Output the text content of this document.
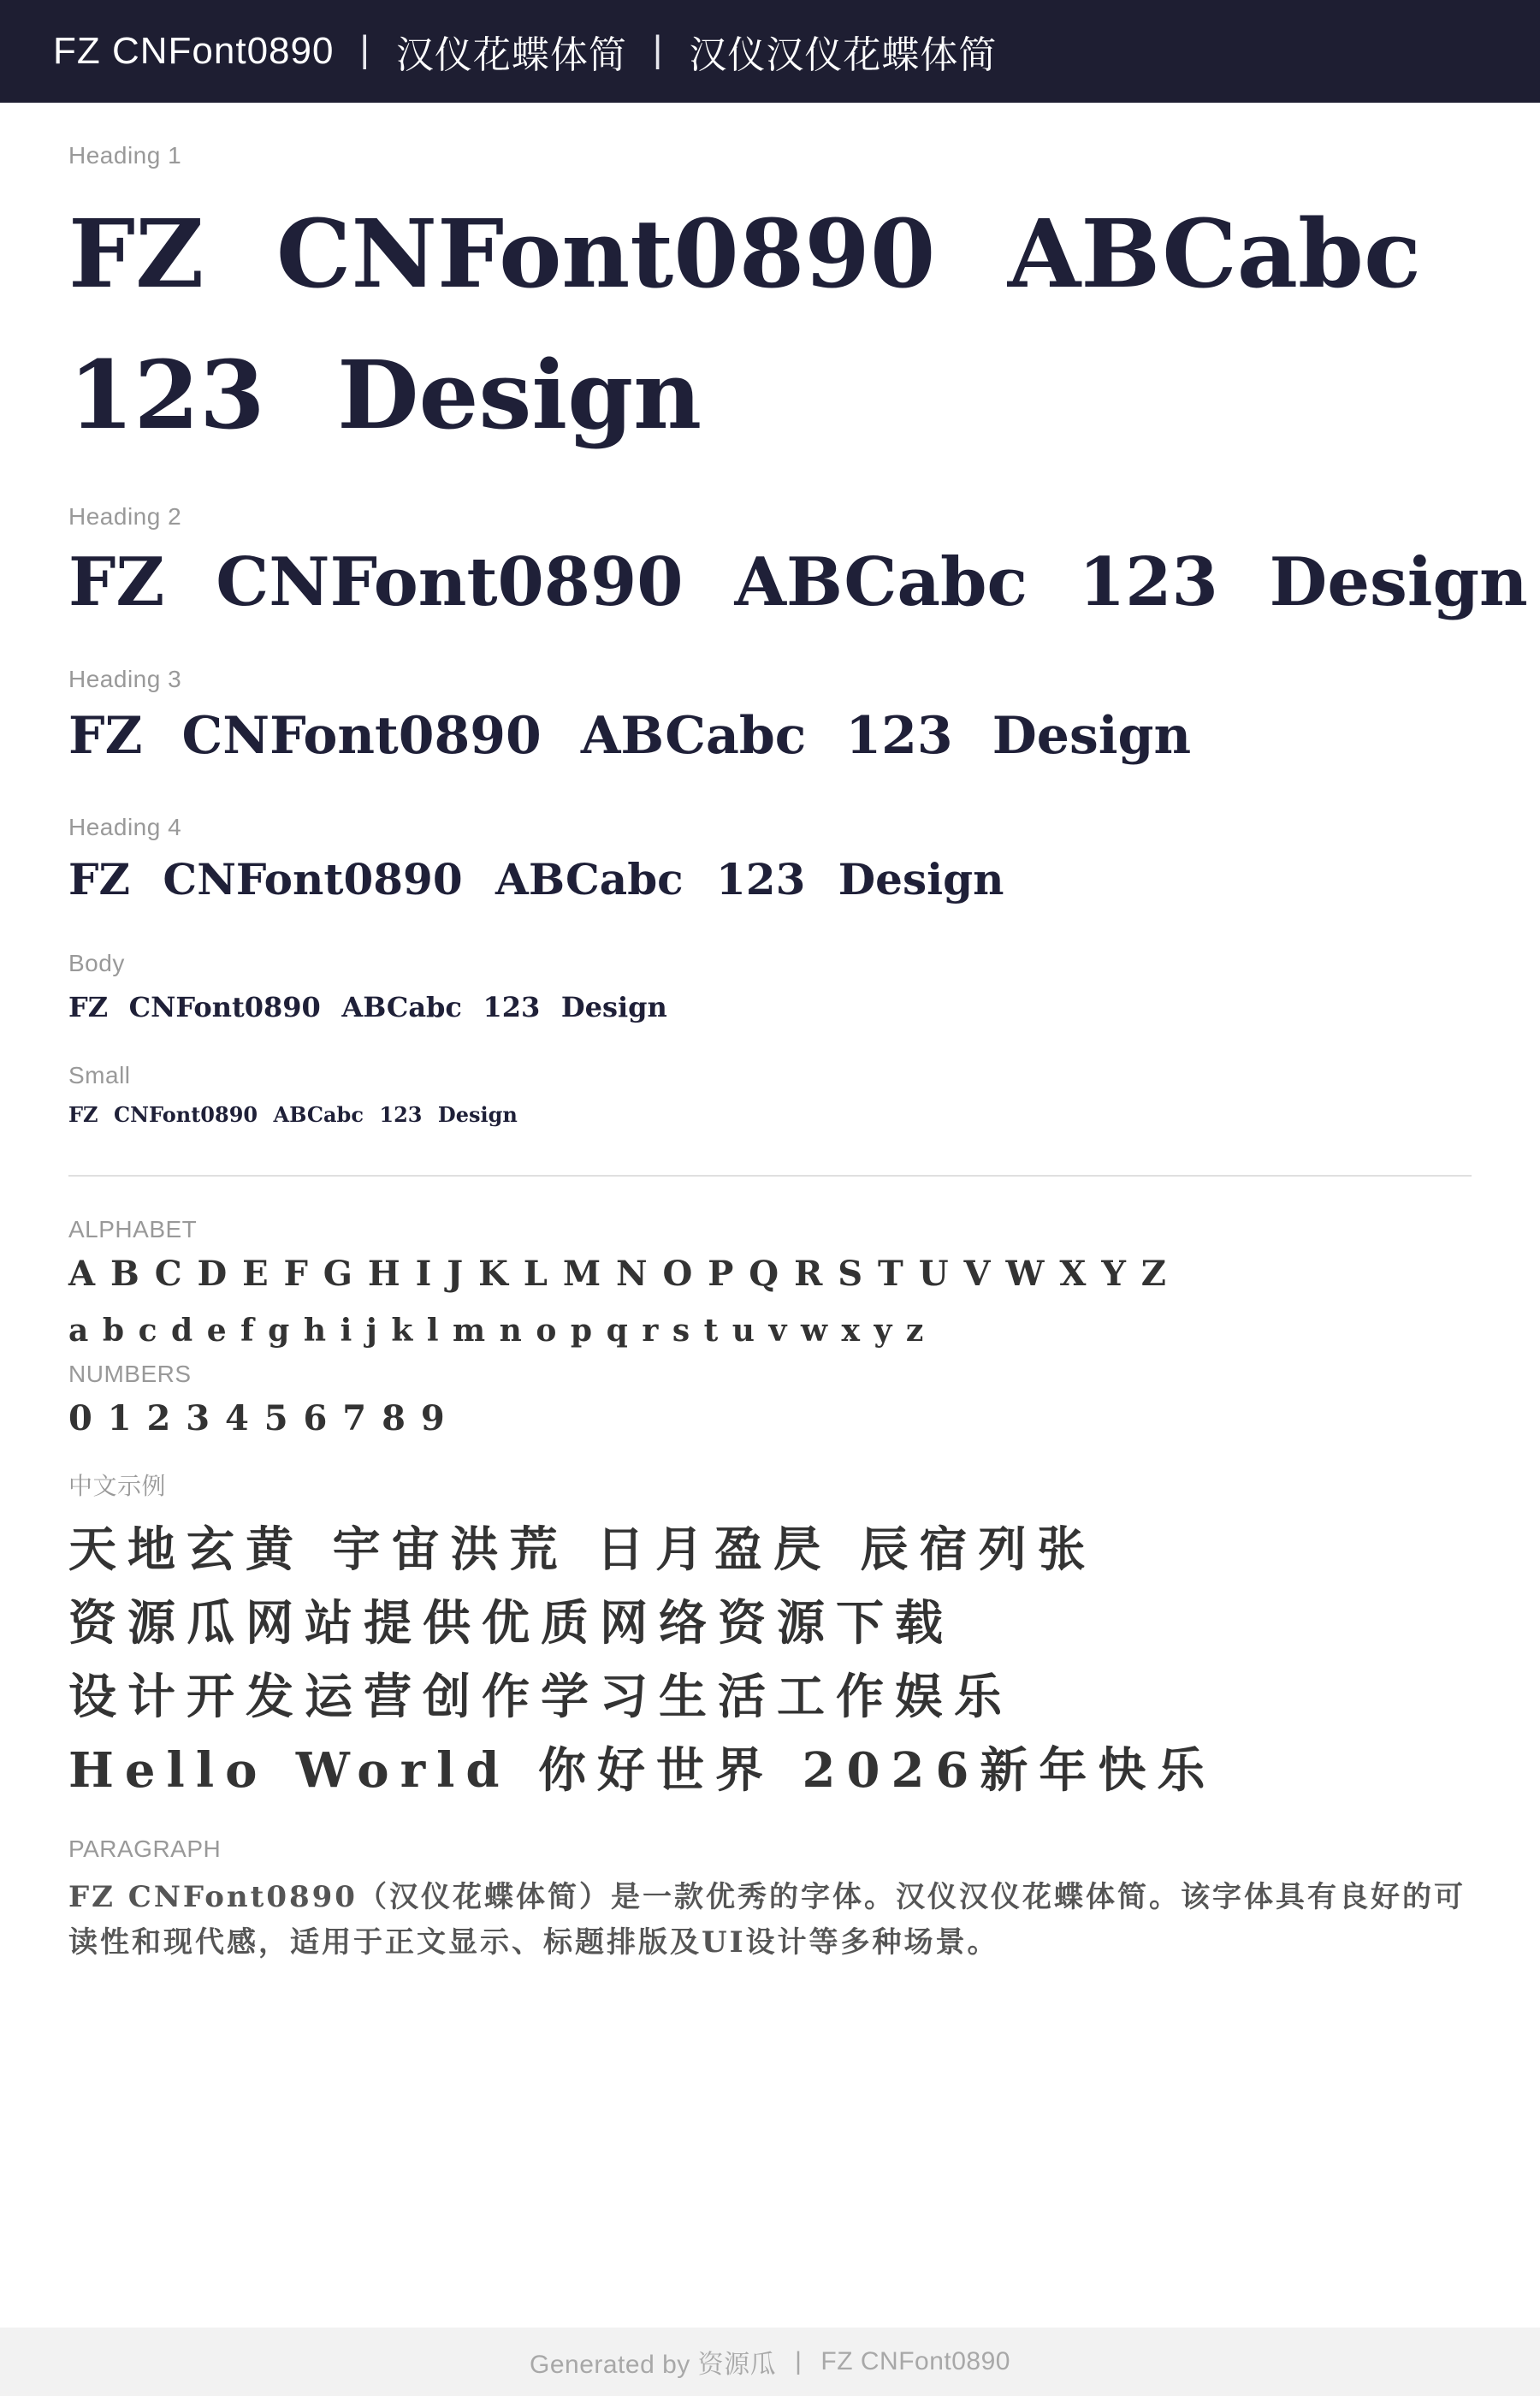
FZ CNFont0890 | 汉仪花蝶体简 | 汉仪汉仪花蝶体简
Heading 1
FZ CNFont0890 ABCabc 123 Design
Heading 2
FZ CNFont0890 ABCabc 123 Design
Heading 3
FZ CNFont0890 ABCabc 123 Design
Heading 4
FZ CNFont0890 ABCabc 123 Design
Body
FZ CNFont0890 ABCabc 123 Design
Small
FZ CNFont0890 ABCabc 123 Design
ALPHABET
A B C D E F G H I J K L M N O P Q R S T U V W X Y Z
a b c d e f g h i j k l m n o p q r s t u v w x y z
NUMBERS
0 1 2 3 4 5 6 7 8 9
中文示例
天地玄黄 宇宙洪荒 日月盈昃 辰宿列张
资源瓜网站提供优质网络资源下载
设计开发运营创作学习生活工作娱乐
Hello World 你好世界 2026新年快乐
PARAGRAPH
FZ CNFont0890（汉仪花蝶体简）是一款优秀的字体。汉仪汉仪花蝶体简。该字体具有良好的可读性和现代感，适用于正文显示、标题排版及UI设计等多种场景。
Generated by 资源瓜 | FZ CNFont0890
